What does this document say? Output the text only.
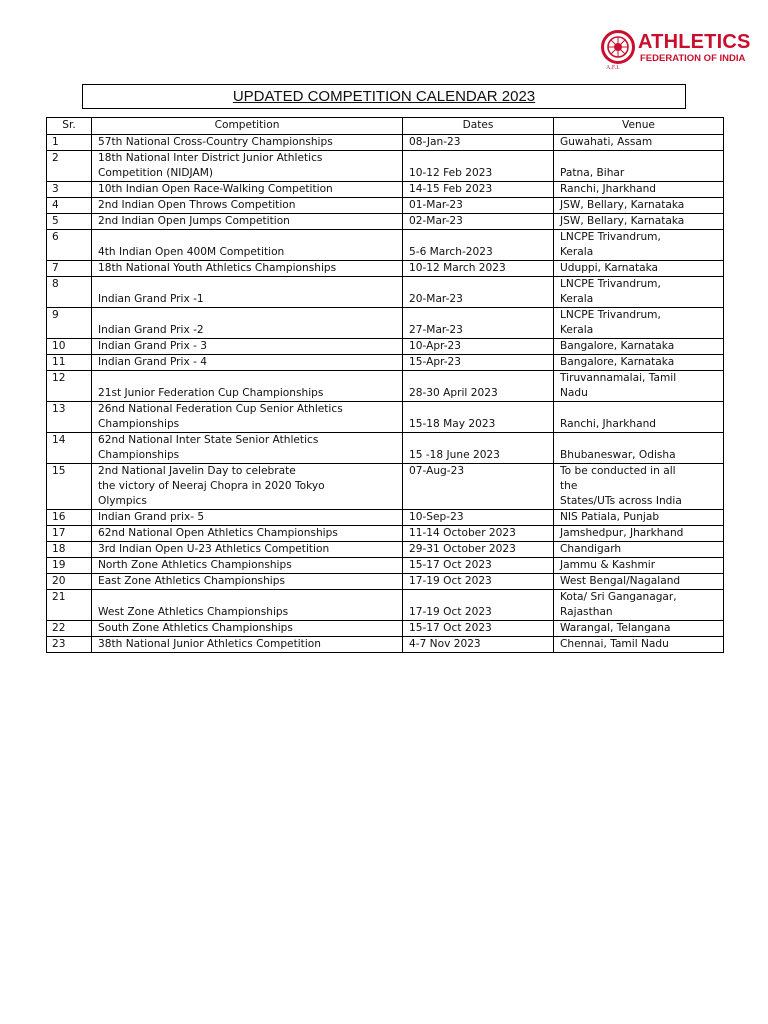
ATHLETICS
FEDERATION OF INDIA
A.F.I.
UPDATED COMPETITION CALENDAR 2023
Sr.	Competition	Dates	Venue
1	57th National Cross-Country Championships	08-Jan-23	Guwahati, Assam
2	18th National Inter District Junior Athletics
Competition (NIDJAM)	10-12 Feb 2023	Patna, Bihar
3	10th Indian Open Race-Walking Competition	14-15 Feb 2023	Ranchi, Jharkhand
4	2nd Indian Open Throws Competition	01-Mar-23	JSW, Bellary, Karnataka
5	2nd Indian Open Jumps Competition	02-Mar-23	JSW, Bellary, Karnataka
6	4th Indian Open 400M Competition	5-6 March-2023	LNCPE Trivandrum,
Kerala
7	18th National Youth Athletics Championships	10-12 March 2023	Uduppi, Karnataka
8	Indian Grand Prix -1	20-Mar-23	LNCPE Trivandrum,
Kerala
9	Indian Grand Prix -2	27-Mar-23	LNCPE Trivandrum,
Kerala
10	Indian Grand Prix - 3	10-Apr-23	Bangalore, Karnataka
11	Indian Grand Prix - 4	15-Apr-23	Bangalore, Karnataka
12	21st Junior Federation Cup Championships	28-30 April 2023	Tiruvannamalai, Tamil
Nadu
13	26nd National Federation Cup Senior Athletics
Championships	15-18 May 2023	Ranchi, Jharkhand
14	62nd National Inter State Senior Athletics
Championships	15 -18 June 2023	Bhubaneswar, Odisha
15	2nd National Javelin Day to celebrate
the victory of Neeraj Chopra in 2020 Tokyo
Olympics	07-Aug-23	To be conducted in all
the
States/UTs across India
16	Indian Grand prix- 5	10-Sep-23	NIS Patiala, Punjab
17	62nd National Open Athletics Championships	11-14 October 2023	Jamshedpur, Jharkhand
18	3rd Indian Open U-23 Athletics Competition	29-31 October 2023	Chandigarh
19	North Zone Athletics Championships	15-17 Oct 2023	Jammu & Kashmir
20	East Zone Athletics Championships	17-19 Oct 2023	West Bengal/Nagaland
21	West Zone Athletics Championships	17-19 Oct 2023	Kota/ Sri Ganganagar,
Rajasthan
22	South Zone Athletics Championships	15-17 Oct 2023	Warangal, Telangana
23	38th National Junior Athletics Competition	4-7 Nov 2023	Chennai, Tamil Nadu
